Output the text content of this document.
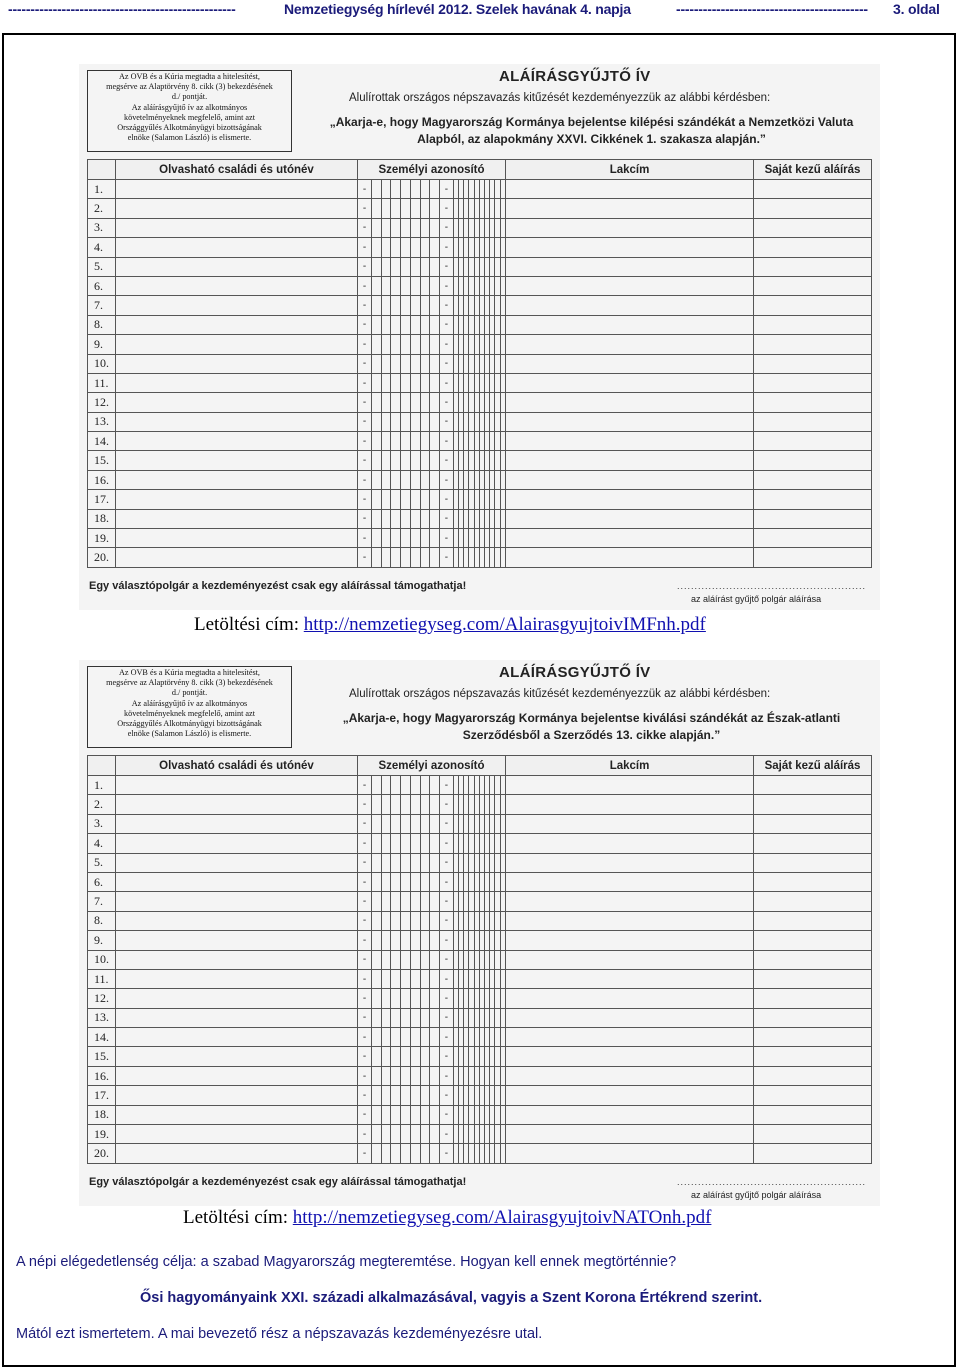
---------------------------------------------------	Nemzetiegység hírlevél 2012. Szelek havának 4. napja	-------------------------------------------	3. oldal
Az OVB és a Kúria megtadta a hitelesítést,
megsérve az Alaptörvény 8. cikk (3) bekezdésének
d./ pontját.
Az aláírásgyűjtő ív az alkotmányos
követelményeknek megfelelő, amint azt
Országgyűlés Alkotmányügyi bizottságának
elnöke (Salamon László) is elismerte.
ALÁÍRÁSGYŰJTŐ ÍV
Alulírottak országos népszavazás kitűzését kezdeményezzük az alábbi kérdésben:
„Akarja-e, hogy Magyarország Kormánya bejelentse kilépési szándékát a Nemzetközi Valuta
Alapból, az alapokmány XXVI. Cikkének 1. szakasza alapján.”
	Olvasható családi és utónév	Személyi azonosító																			Lakcím	Saját kezű aláírás
1.		-								-												
2.		-								-												
3.		-								-												
4.		-								-												
5.		-								-												
6.		-								-												
7.		-								-												
8.		-								-												
9.		-								-												
10.		-								-												
11.		-								-												
12.		-								-												
13.		-								-												
14.		-								-												
15.		-								-												
16.		-								-												
17.		-								-												
18.		-								-												
19.		-								-												
20.		-								-												
Egy választópolgár a kezdeményezést csak egy aláírással támogathatja!	......................................................
az aláírást gyűjtő polgár aláírása
Letöltési cím: http://nemzetiegyseg.com/AlairasgyujtoivIMFnh.pdf
Az OVB és a Kúria megtadta a hitelesítést,
megsérve az Alaptörvény 8. cikk (3) bekezdésének
d./ pontját.
Az aláírásgyűjtő ív az alkotmányos
követelményeknek megfelelő, amint azt
Országgyűlés Alkotmányügyi bizottságának
elnöke (Salamon László) is elismerte.
ALÁÍRÁSGYŰJTŐ ÍV
Alulírottak országos népszavazás kitűzését kezdeményezzük az alábbi kérdésben:
„Akarja-e, hogy Magyarország Kormánya bejelentse kiválási szándékát az Észak-atlanti
Szerződésből a Szerződés 13. cikke alapján.”
	Olvasható családi és utónév	Személyi azonosító																			Lakcím	Saját kezű aláírás
1.		-								-												
2.		-								-												
3.		-								-												
4.		-								-												
5.		-								-												
6.		-								-												
7.		-								-												
8.		-								-												
9.		-								-												
10.		-								-												
11.		-								-												
12.		-								-												
13.		-								-												
14.		-								-												
15.		-								-												
16.		-								-												
17.		-								-												
18.		-								-												
19.		-								-												
20.		-								-												
Egy választópolgár a kezdeményezést csak egy aláírással támogathatja!	......................................................
az aláírást gyűjtő polgár aláírása
Letöltési cím: http://nemzetiegyseg.com/AlairasgyujtoivNATOnh.pdf
A népi elégedetlenség célja: a szabad Magyarország megteremtése. Hogyan kell ennek megtörténnie?
Ősi hagyományaink XXI. századi alkalmazásával, vagyis a Szent Korona Értékrend szerint.
Mától ezt ismertetem. A mai bevezető rész a népszavazás kezdeményezésre utal.
